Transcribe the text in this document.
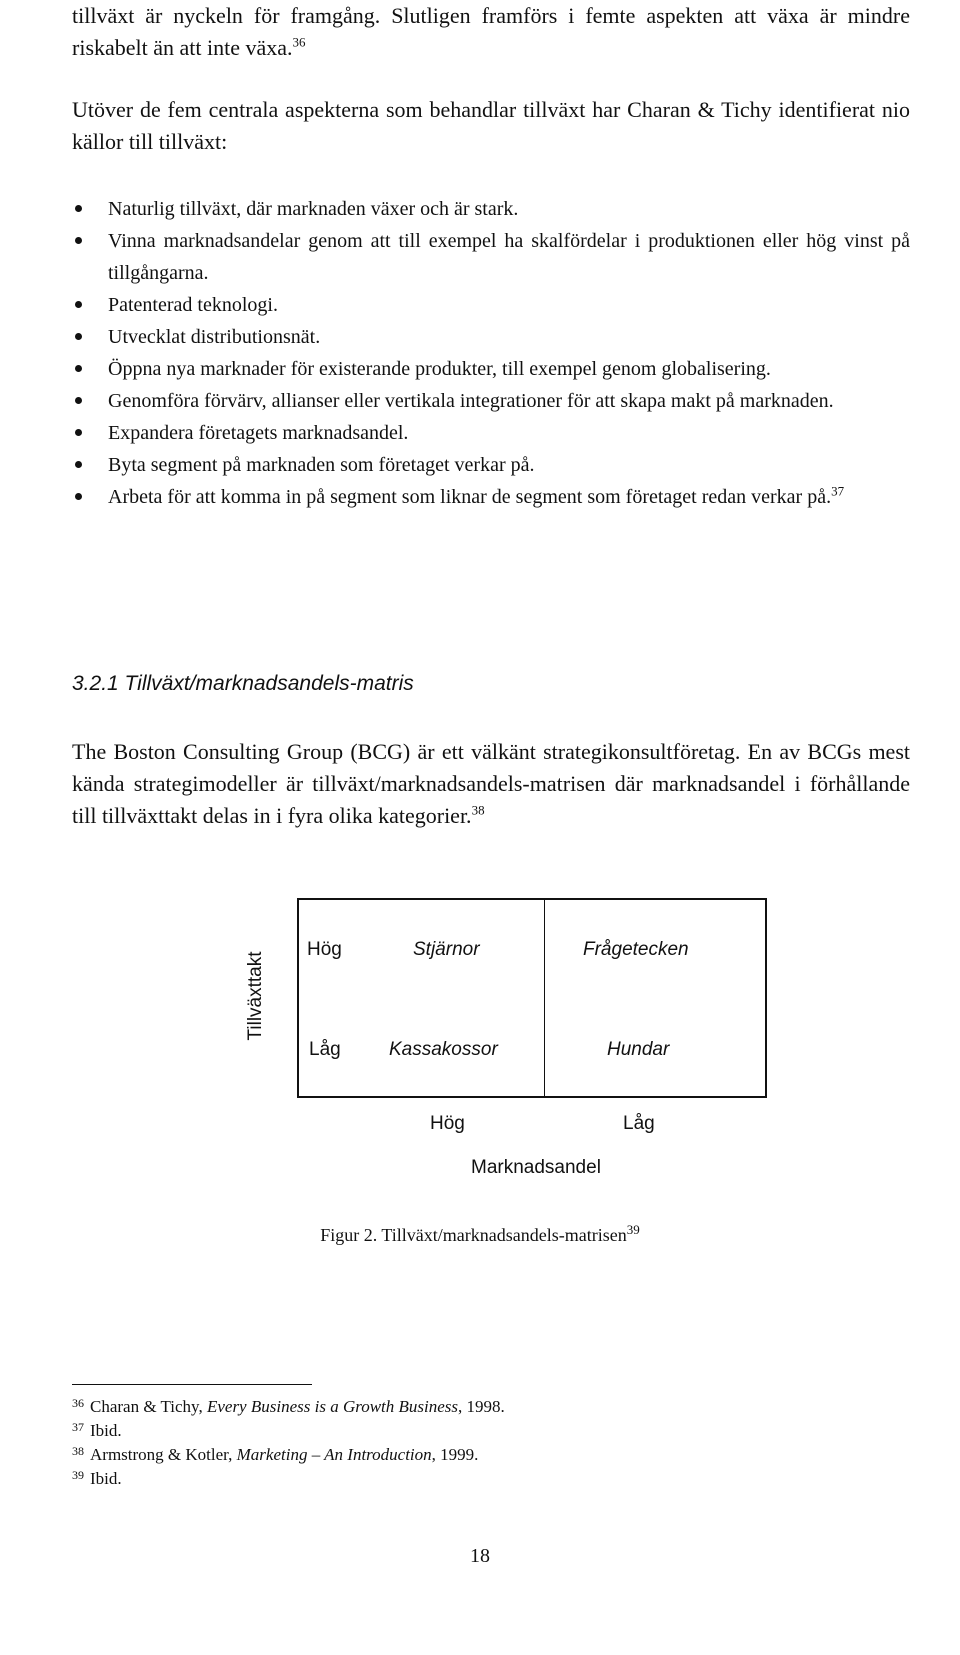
tillväxt är nyckeln för framgång. Slutligen framförs i femte aspekten att växa är mindre riskabelt än att inte växa.$^{36}$

Utöver de fem centrala aspekterna som behandlar tillväxt har Charan & Tichy identifierat nio källor till tillväxt:

Naturlig tillväxt, där marknaden växer och är stark.
Vinna marknadsandelar genom att till exempel ha skalfördelar i produktionen eller hög vinst på tillgångarna.
Patenterad teknologi.
Utvecklat distributionsnät.
Öppna nya marknader för existerande produkter, till exempel genom globalisering.
Genomföra förvärv, allianser eller vertikala integrationer för att skapa makt på marknaden.
Expandera företagets marknadsandel.
Byta segment på marknaden som företaget verkar på.
Arbeta för att komma in på segment som liknar de segment som företaget redan verkar på.$^{37}$
3.2.1 Tillväxt/marknadsandels-matris

The Boston Consulting Group (BCG) är ett välkänt strategikonsultföretag. En av BCGs mest kända strategimodeller är tillväxt/marknadsandels-matrisen där marknadsandel i förhållande till tillväxttakt delas in i fyra olika kategorier.$^{38}$

Tillväxttakt
Hög
Låg
Stjärnor	Frågetecken
Kassakossor	Hundar
Hög	Låg
Marknadsandel
Figur 2. Tillväxt/marknadsandels-matrisen$^{39}$
36 Charan & Tichy, Every Business is a Growth Business, 1998.
37 Ibid.
38 Armstrong & Kotler, Marketing – An Introduction, 1999.
39 Ibid.
18
